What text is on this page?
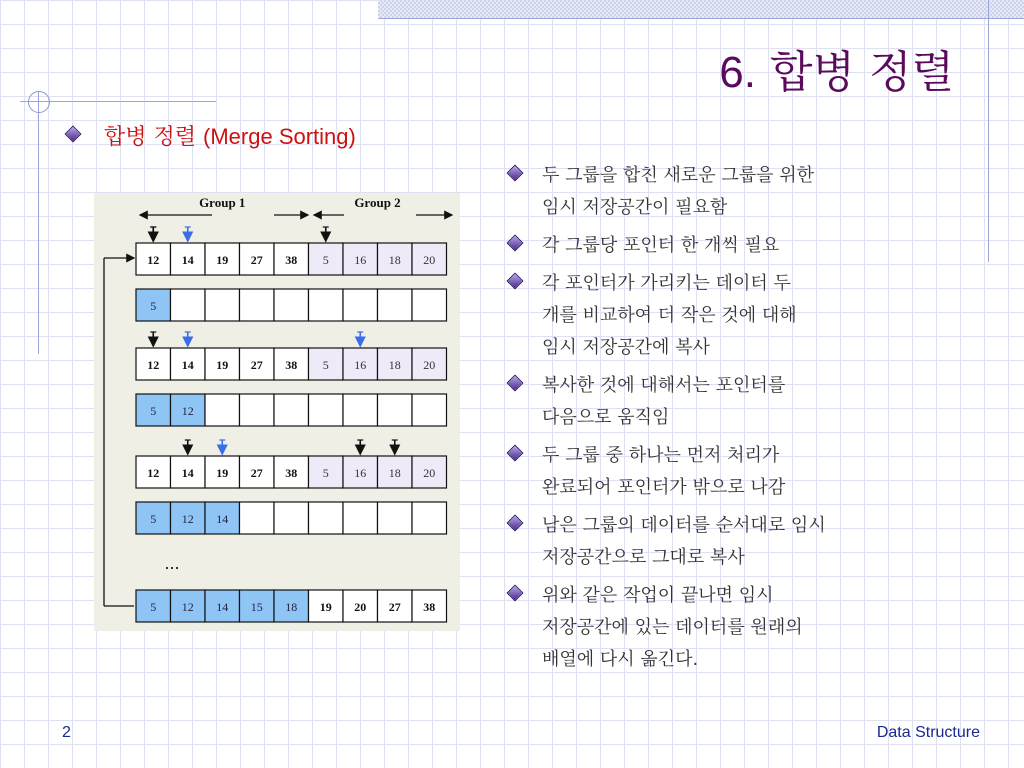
6. 합병 정렬
합병 정렬 (Merge Sorting)
두 그룹을 합친 새로운 그룹을 위한
임시 저장공간이 필요함
각 그룹당 포인터 한 개씩 필요
각 포인터가 가리키는 데이터 두
개를 비교하여 더 작은 것에 대해
임시 저장공간에 복사
복사한 것에 대해서는 포인터를
다음으로 움직임
두 그룹 중 하나는 먼저 처리가
완료되어 포인터가 밖으로 나감
남은 그룹의 데이터를 순서대로 임시
저장공간으로 그대로 복사
위와 같은 작업이 끝나면 임시
저장공간에 있는 데이터를 원래의
배열에 다시 옮긴다.
Group 1	Group 2
12 14 19 27 38 5 16 18 20
5
12 14 19 27 38 5 16 18 20
5 12
12 14 19 27 38 5 16 18 20
5 12 14
...
5 12 14 15 18 19 20 27 38
2	Data Structure
